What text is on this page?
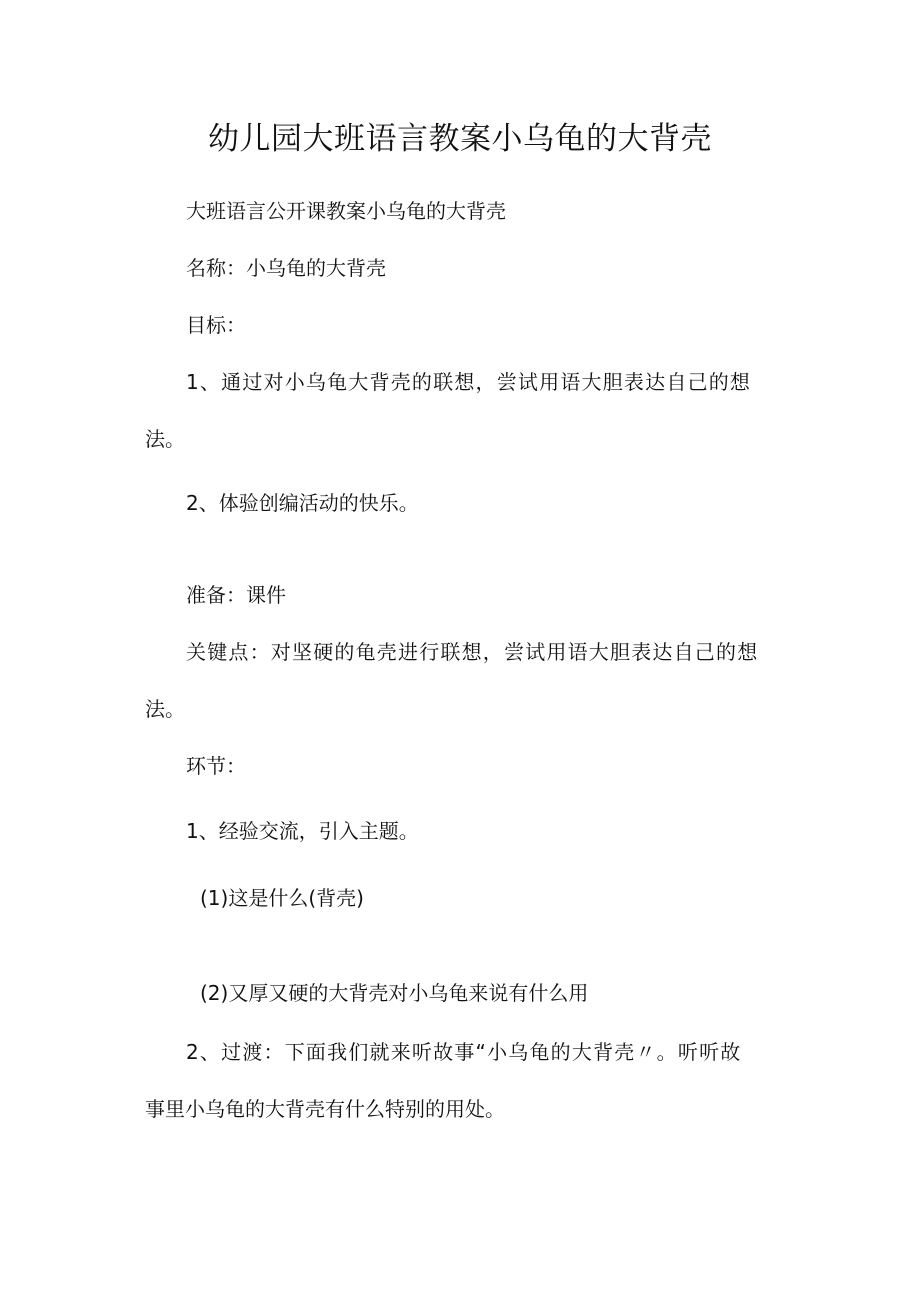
幼儿园大班语言教案小乌龟的大背壳
大班语言公开课教案小乌龟的大背壳
名称：小乌龟的大背壳
目标：
1、通过对小乌龟大背壳的联想，尝试用语大胆表达自己的想
法。
2、体验创编活动的快乐。
准备：课件
关键点：对坚硬的龟壳进行联想，尝试用语大胆表达自己的想
法。
环节：
1、经验交流，引入主题。
(1)这是什么(背壳)
(2)又厚又硬的大背壳对小乌龟来说有什么用
2、过渡：下面我们就来听故事“小乌龟的大背壳〃。听听故
事里小乌龟的大背壳有什么特别的用处。
